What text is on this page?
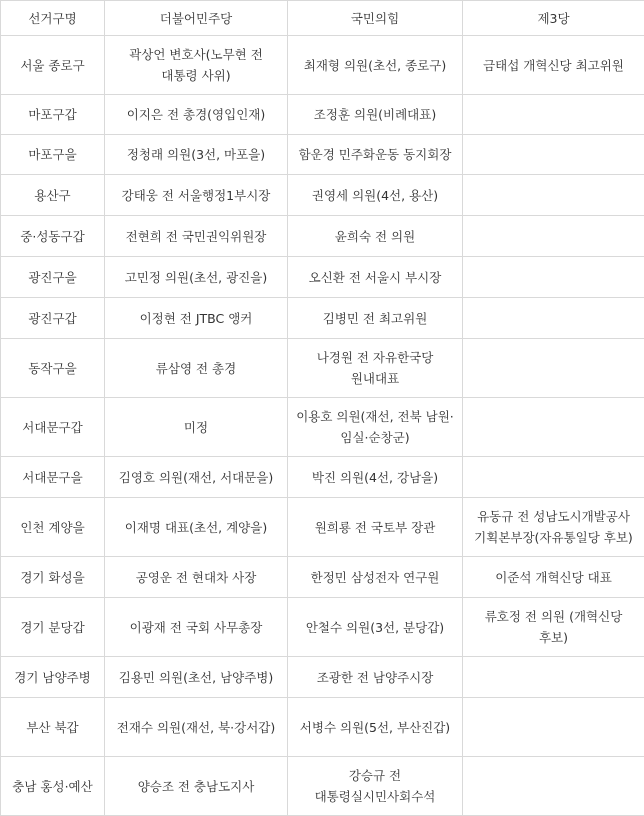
선거구명	더불어민주당	국민의힘	제3당
서울 종로구	곽상언 변호사(노무현 전 대통령 사위)	최재형 의원(초선, 종로구)	금태섭 개혁신당 최고위원
마포구갑	이지은 전 총경(영입인재)	조정훈 의원(비례대표)	
마포구을	정청래 의원(3선, 마포을)	함운경 민주화운동 동지회장	
용산구	강태웅 전 서울행정1부시장	권영세 의원(4선, 용산)	
중·성동구갑	전현희 전 국민권익위원장	윤희숙 전 의원	
광진구을	고민정 의원(초선, 광진을)	오신환 전 서울시 부시장	
광진구갑	이정현 전 JTBC 앵커	김병민 전 최고위원	
동작구을	류삼영 전 총경	나경원 전 자유한국당 원내대표	
서대문구갑	미정	이용호 의원(재선, 전북 남원·임실·순창군)	
서대문구을	김영호 의원(재선, 서대문을)	박진 의원(4선, 강남을)	
인천 계양을	이재명 대표(초선, 계양을)	원희룡 전 국토부 장관	유동규 전 성남도시개발공사 기획본부장(자유통일당 후보)
경기 화성을	공영운 전 현대차 사장	한정민 삼성전자 연구원	이준석 개혁신당 대표
경기 분당갑	이광재 전 국회 사무총장	안철수 의원(3선, 분당갑)	류호정 전 의원 (개혁신당 후보)
경기 남양주병	김용민 의원(초선, 남양주병)	조광한 전 남양주시장	
부산 북갑	전재수 의원(재선, 북·강서갑)	서병수 의원(5선, 부산진갑)	
충남 홍성·예산	양승조 전 충남도지사	강승규 전 대통령실시민사회수석	
